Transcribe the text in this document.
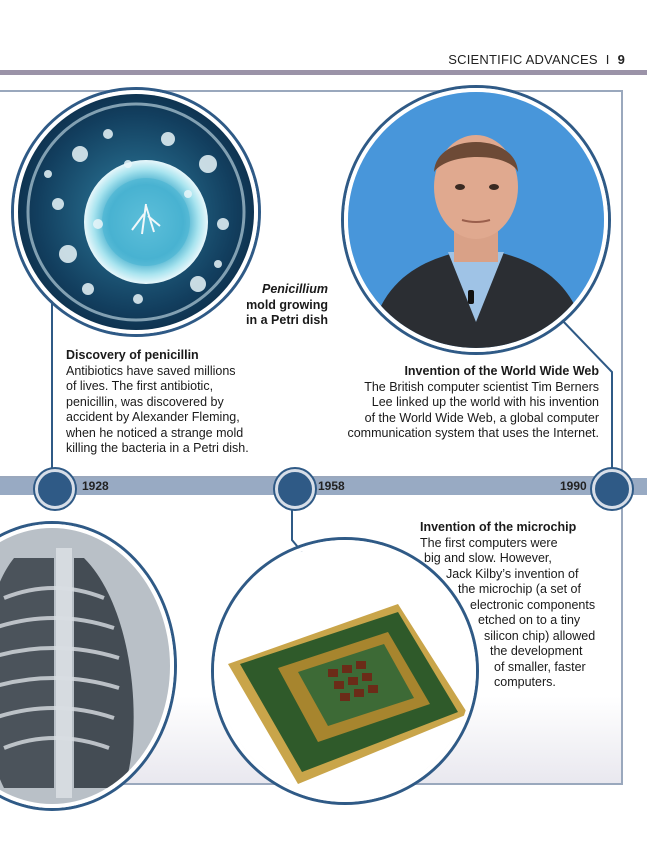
SCIENTIFIC ADVANCES I 9
1928	1958	1990
Penicillium
mold growing
in a Petri dish
Discovery of penicillin
Antibiotics have saved millions
of lives. The first antibiotic,
penicillin, was discovered by
accident by Alexander Fleming,
when he noticed a strange mold
killing the bacteria in a Petri dish.
Invention of the World Wide Web
The British computer scientist Tim Berners
Lee linked up the world with his invention
of the World Wide Web, a global computer
communication system that uses the Internet.
Invention of the microchip
The first computers were
big and slow. However,
Jack Kilby’s invention of
the microchip (a set of
electronic components
etched on to a tiny
silicon chip) allowed
the development
of smaller, faster
computers.
